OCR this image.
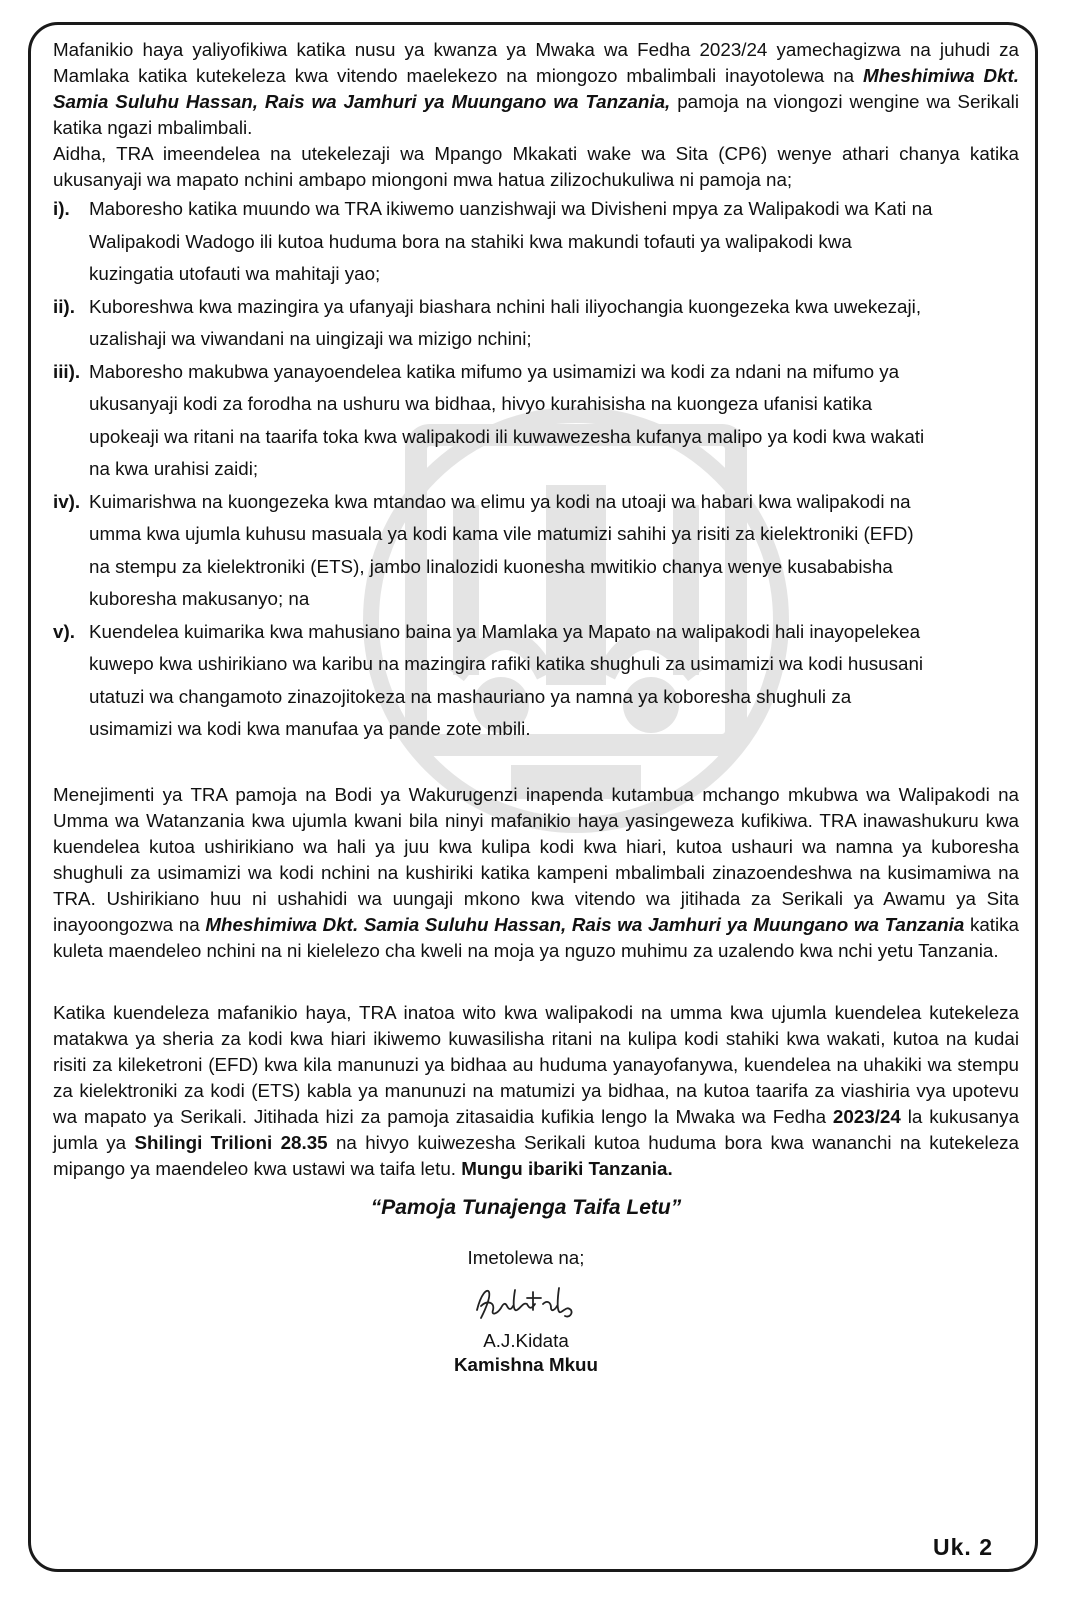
Mafanikio haya yaliyofikiwa katika nusu ya kwanza ya Mwaka wa Fedha 2023/24 yamechagizwa na juhudi za Mamlaka katika kutekeleza kwa vitendo maelekezo na miongozo mbalimbali inayotolewa na Mheshimiwa Dkt. Samia Suluhu Hassan, Rais wa Jamhuri ya Muungano wa Tanzania, pamoja na viongozi wengine wa Serikali katika ngazi mbalimbali.

Aidha, TRA imeendelea na utekelezaji wa Mpango Mkakati wake wa Sita (CP6) wenye athari chanya katika ukusanyaji wa mapato nchini ambapo miongoni mwa hatua zilizochukuliwa ni pamoja na;

i).	Maboresho katika muundo wa TRA ikiwemo uanzishwaji wa Divisheni mpya za Walipakodi wa Kati na Walipakodi Wadogo ili kutoa huduma bora na stahiki kwa makundi tofauti ya walipakodi kwa kuzingatia utofauti wa mahitaji yao;
ii). Kuboreshwa kwa mazingira ya ufanyaji biashara nchini hali iliyochangia kuongezeka kwa uwekezaji, uzalishaji wa viwandani na uingizaji wa mizigo nchini;
iii). Maboresho makubwa yanayoendelea katika mifumo ya usimamizi wa kodi za ndani na mifumo ya ukusanyaji kodi za forodha na ushuru wa bidhaa, hivyo kurahisisha na kuongeza ufanisi katika upokeaji wa ritani na taarifa toka kwa walipakodi ili kuwawezesha kufanya malipo ya kodi kwa wakati na kwa urahisi zaidi;
iv). Kuimarishwa na kuongezeka kwa mtandao wa elimu ya kodi na utoaji wa habari kwa walipakodi na umma kwa ujumla kuhusu masuala ya kodi kama vile matumizi sahihi ya risiti za kielektroniki (EFD) na stempu za kielektroniki (ETS), jambo linalozidi kuonesha mwitikio chanya wenye kusababisha kuboresha makusanyo; na
v). Kuendelea kuimarika kwa mahusiano baina ya Mamlaka ya Mapato na walipakodi hali inayopelekea kuwepo kwa ushirikiano wa karibu na mazingira rafiki katika shughuli za usimamizi wa kodi hususani utatuzi wa changamoto zinazojitokeza na mashauriano ya namna ya koboresha shughuli za usimamizi wa kodi kwa manufaa ya pande zote mbili.

Menejimenti ya TRA pamoja na Bodi ya Wakurugenzi inapenda kutambua mchango mkubwa wa Walipakodi na Umma wa Watanzania kwa ujumla kwani bila ninyi mafanikio haya yasingeweza kufikiwa. TRA inawashukuru kwa kuendelea kutoa ushirikiano wa hali ya juu kwa kulipa kodi kwa hiari, kutoa ushauri wa namna ya kuboresha shughuli za usimamizi wa kodi nchini na kushiriki katika kampeni mbalimbali zinazoendeshwa na kusimamiwa na TRA. Ushirikiano huu ni ushahidi wa uungaji mkono kwa vitendo wa jitihada za Serikali ya Awamu ya Sita inayoongozwa na Mheshimiwa Dkt. Samia Suluhu Hassan, Rais wa Jamhuri ya Muungano wa Tanzania katika kuleta maendeleo nchini na ni kielelezo cha kweli na moja ya nguzo muhimu za uzalendo kwa nchi yetu Tanzania.

Katika kuendeleza mafanikio haya, TRA inatoa wito kwa walipakodi na umma kwa ujumla kuendelea kutekeleza matakwa ya sheria za kodi kwa hiari ikiwemo kuwasilisha ritani na kulipa kodi stahiki kwa wakati, kutoa na kudai risiti za kileketroni (EFD) kwa kila manunuzi ya bidhaa au huduma yanayofanywa, kuendelea na uhakiki wa stempu za kielektroniki za kodi (ETS) kabla ya manunuzi na matumizi ya bidhaa, na kutoa taarifa za viashiria vya upotevu wa mapato ya Serikali. Jitihada hizi za pamoja zitasaidia kufikia lengo la Mwaka wa Fedha 2023/24 la kukusanya jumla ya Shilingi Trilioni 28.35 na hivyo kuiwezesha Serikali kutoa huduma bora kwa wananchi na kutekeleza mipango ya maendeleo kwa ustawi wa taifa letu. Mungu ibariki Tanzania.

“Pamoja Tunajenga Taifa Letu”
Imetolewa na;
A.J.Kidata
Kamishna Mkuu
Uk. 2
